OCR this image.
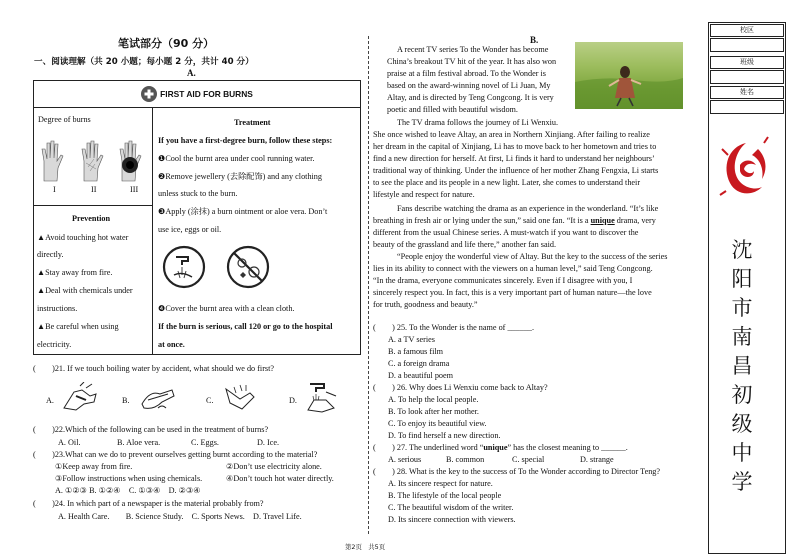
笔试部分（90 分）
一、阅读理解（共 20 小题；每小题 2 分，共计 40 分）
A.
FIRST AID FOR BURNS
Degree of burns
I	II	III
Prevention
▲Avoid touching hot water
directly.
▲Stay away from fire.
▲Deal with chemicals under
instructions.
▲Be careful when using
electricity.
Treatment
If you have a first-degree burn, follow these steps:
❶Cool the burnt area under cool running water.
❷Remove jewellery (去除配饰) and any clothing
unless stuck to the burn.
❸Apply (涂抹) a burn ointment or aloe vera. Don’t
use ice, eggs or oil.
❹Cover the burnt area with a clean cloth.
If the burn is serious, call 120 or go to the hospital
at once.
(　　)21. If we touch boiling water by accident, what should we do first?
A.	B.	C.	D.
(　　)22.Which of the following can be used in the treatment of burns?
A. Oil.	B. Aloe vera.	C. Eggs.	D. Ice.
(　　)23.What can we do to prevent ourselves getting burnt according to the material?
①Keep away from fire.	②Don’t use electricity alone.
③Follow instructions when using chemicals.	④Don’t touch hot water directly.
A. ①②③ B. ①②④　C. ①③④　D. ②③④
(　　)24. In which part of a newspaper is the material probably from?
A. Health Care.　　B. Science Study.　C. Sports News.　D. Travel Life.
B.
A recent TV series To the Wonder has become
China’s breakout TV hit of the year. It has also won
praise at a film festival abroad. To the Wonder is
based on the award-winning novel of Li Juan, My
Altay, and is directed by Teng Congcong. It is very
poetic and filled with beautiful wisdom.
The TV drama follows the journey of Li Wenxiu.
She once wished to leave Altay, an area in Northern Xinjiang. After failing to realize
her dream in the capital of Xinjiang, Li has to move back to her hometown and tries to
find a new direction for herself. At first, Li finds it hard to understand her neighbours’
traditional way of thinking. Under the influence of her mother Zhang Fengxia, Li starts
to see the place and its people in a new light. Later, she comes to understand their
lifestyle and respect for nature.
Fans describe watching the drama as an experience in the wonderland. “It’s like
breathing in fresh air or lying under the sun,” said one fan. “It is a unique drama, very
different from the usual Chinese series. A must-watch if you want to discover the
beauty of the grassland and life there,” another fan said.
“People enjoy the wonderful view of Altay. But the key to the success of the series
lies in its ability to connect with the viewers on a human level,” said Teng Congcong.
“In the drama, everyone communicates sincerely. Even if I disagree with you, I
sincerely respect you. In fact, this is a very important part of human nature—the love
for truth, goodness and beauty.”
(　　) 25. To the Wonder is the name of ______.
A. a TV series
B. a famous film
C. a foreign drama
D. a beautiful poem
(　　) 26. Why does Li Wenxiu come back to Altay?
A. To help the local people.
B. To look after her mother.
C. To enjoy its beautiful view.
D. To find herself a new direction.
(　　) 27. The underlined word “unique” has the closest meaning to ______.
A. serious	B. common	C. special	D. strange
(　　) 28. What is the key to the success of To the Wonder according to Director Teng?
A. Its sincere respect for nature.
B. The lifestyle of the local people
C. The beautiful wisdom of the writer.
D. Its sincere connection with viewers.
校区
班级
姓名
沈
阳
市
南
昌
初
级
中
学
第2页　共5页
